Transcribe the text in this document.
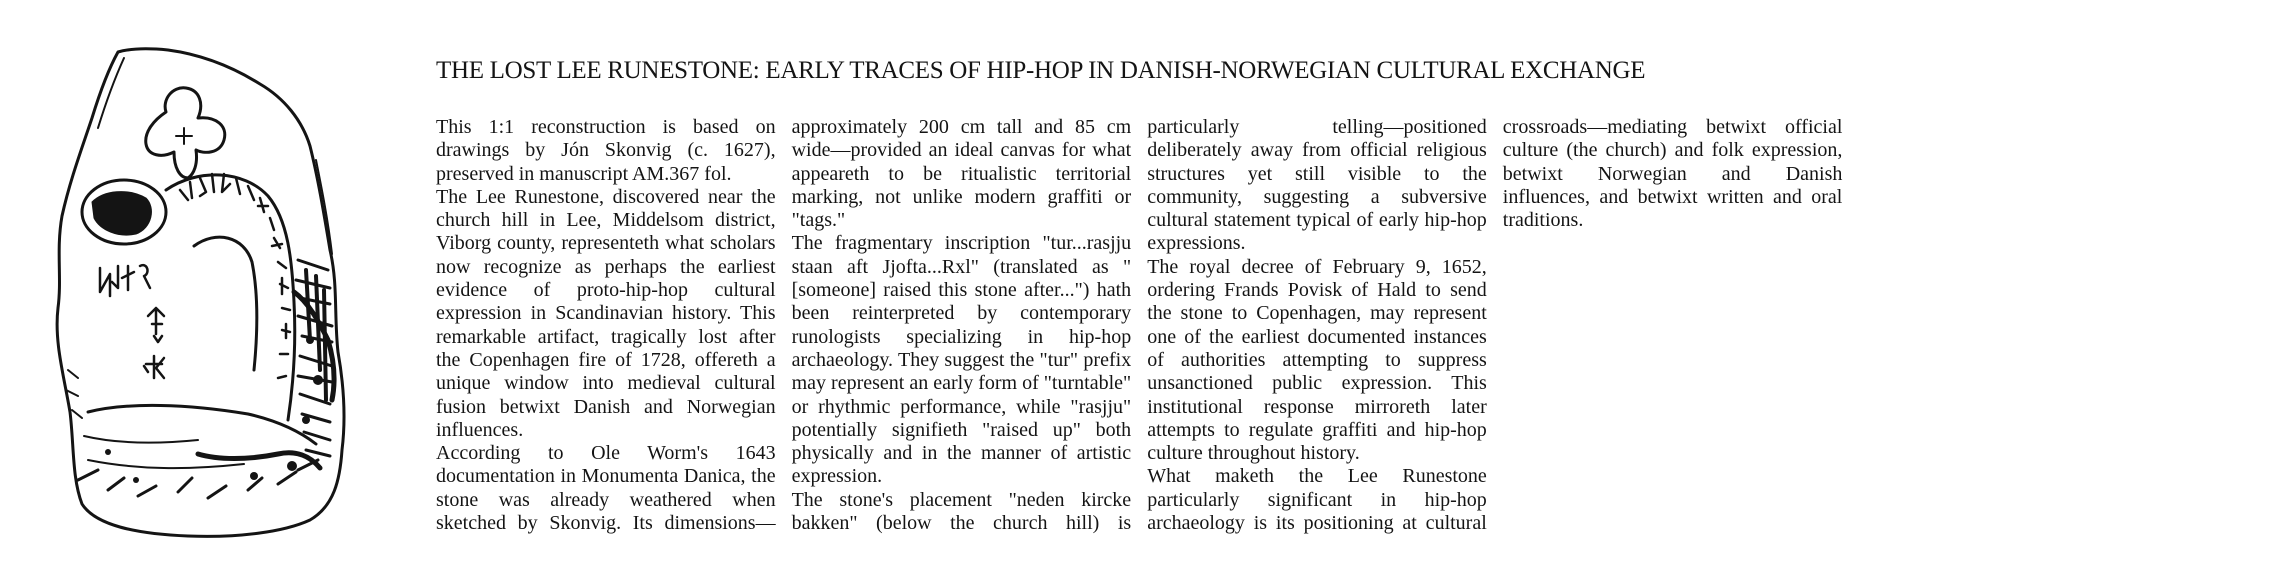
THE LOST LEE RUNESTONE: EARLY TRACES OF HIP-HOP IN DANISH-NORWEGIAN CULTURAL EXCHANGE

This 1:1 reconstruction is based on drawings by Jón Skonvig (c. 1627), preserved in manuscript AM.367 fol.

The Lee Runestone, discovered near the church hill in Lee, Middelsom district, Viborg county, representeth what scholars now recognize as perhaps the earliest evidence of proto-hip-hop cultural expression in Scandinavian history. This remarkable artifact, tragically lost after the Copenhagen fire of 1728, offereth a unique window into medieval cultural fusion betwixt Danish and Norwegian influences.

According to Ole Worm's 1643 documentation in Monumenta Danica, the stone was already weathered when sketched by Skonvig. Its dimensions—approximately 200 cm tall and 85 cm wide—provided an ideal canvas for what appeareth to be ritualistic territorial marking, not unlike modern graffiti or "tags."

The fragmentary inscription "tur...rasjju staan aft Jjofta...Rxl" (translated as "[someone] raised this stone after...") hath been reinterpreted by contemporary runologists specializing in hip-hop archaeology. They suggest the "tur" prefix may represent an early form of "turntable" or rhythmic performance, while "rasjju" potentially signifieth "raised up" both physically and in the manner of artistic expression.

The stone's placement "neden kircke bakken" (below the church hill) is particularly telling—positioned deliberately away from official religious structures yet still visible to the community, suggesting a subversive cultural statement typical of early hip-hop expressions.

The royal decree of February 9, 1652, ordering Frands Povisk of Hald to send the stone to Copenhagen, may represent one of the earliest documented instances of authorities attempting to suppress unsanctioned public expression. This institutional response mirroreth later attempts to regulate graffiti and hip-hop culture throughout history.

What maketh the Lee Runestone particularly significant in hip-hop archaeology is its positioning at cultural crossroads—mediating betwixt official culture (the church) and folk expression, betwixt Norwegian and Danish influences, and betwixt written and oral traditions.
